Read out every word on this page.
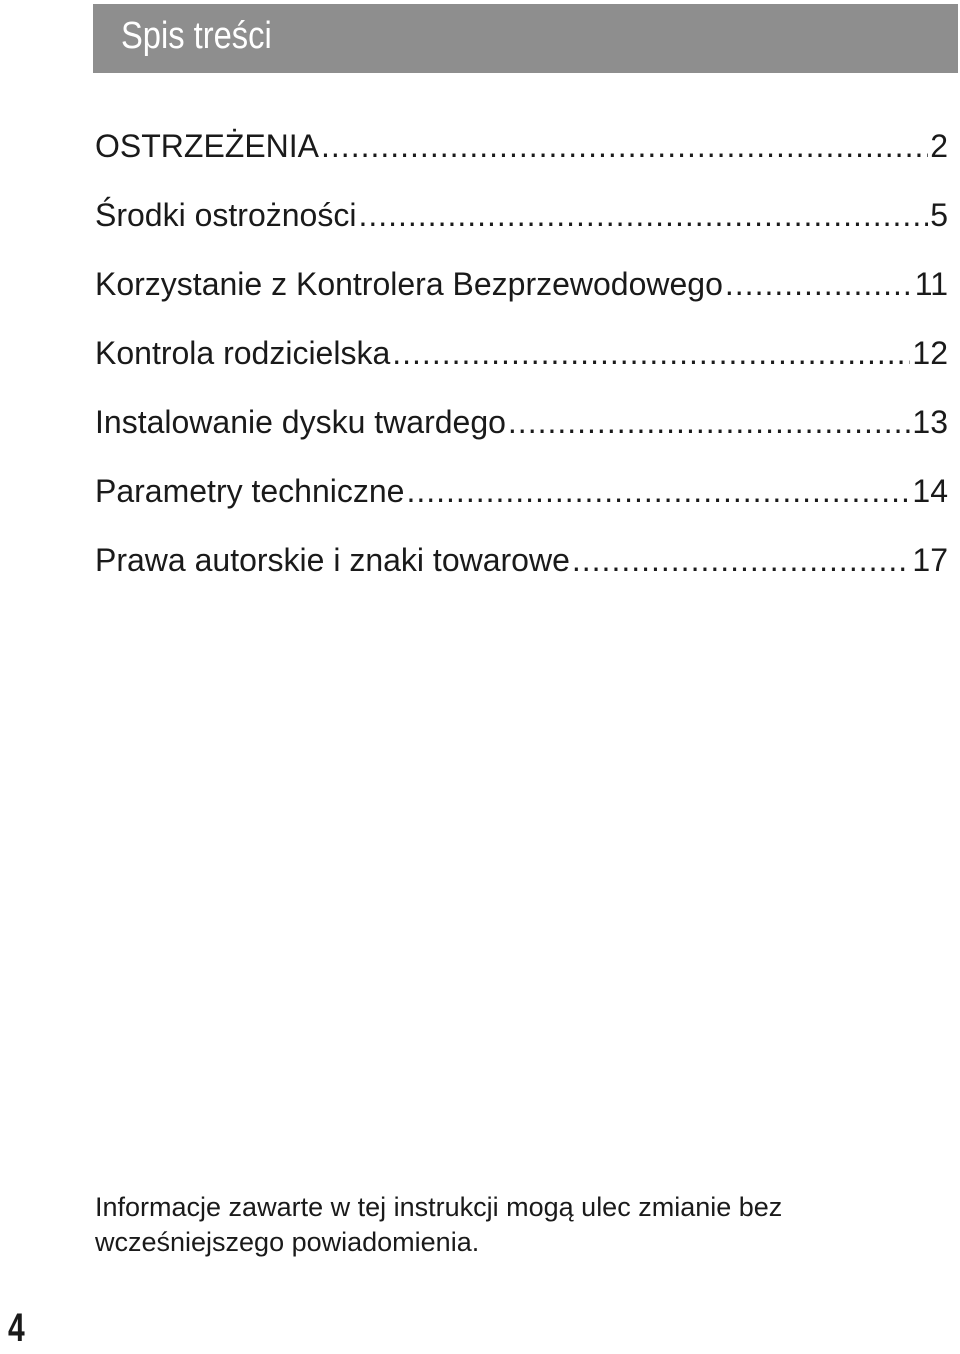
Spis treści
OSTRZEŻENIA .....	2
Środki ostrożności .....	5
Korzystanie z Kontrolera Bezprzewodowego .....	11
Kontrola rodzicielska .....	12
Instalowanie dysku twardego .....	13
Parametry techniczne .....	14
Prawa autorskie i znaki towarowe .....	17

Informacje zawarte w tej instrukcji mogą ulec zmianie bez

wcześniejszego powiadomienia.

4
